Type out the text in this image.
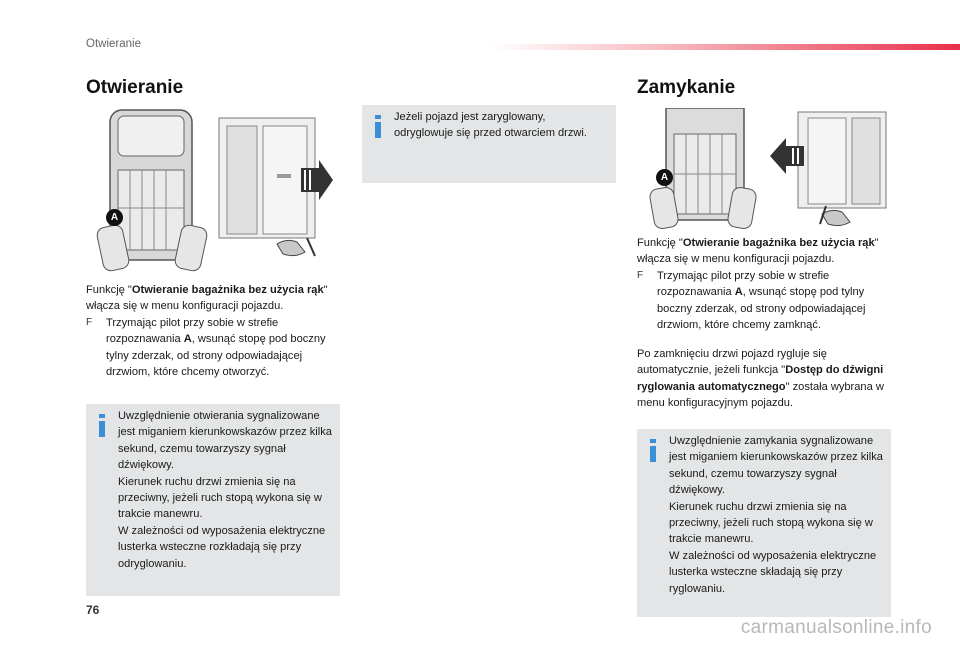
Otwieranie
Otwieranie
A
Funkcję "Otwieranie bagażnika bez użycia rąk" włącza się w menu konfiguracji pojazdu.
F Trzymając pilot przy sobie w strefie rozpoznawania A, wsunąć stopę pod boczny tylny zderzak, od strony odpowiadającej drzwiom, które chcemy otworzyć.
Uwzględnienie otwierania sygnalizowane jest miganiem kierunkowskazów przez kilka sekund, czemu towarzyszy sygnał dźwiękowy.
Kierunek ruchu drzwi zmienia się na przeciwny, jeżeli ruch stopą wykona się w trakcie manewru.
W zależności od wyposażenia elektryczne lusterka wsteczne rozkładają się przy odryglowaniu.
Jeżeli pojazd jest zaryglowany, odryglowuje się przed otwarciem drzwi.
Zamykanie
A
Funkcję "Otwieranie bagażnika bez użycia rąk" włącza się w menu konfiguracji pojazdu.
F Trzymając pilot przy sobie w strefie rozpoznawania A, wsunąć stopę pod tylny boczny zderzak, od strony odpowiadającej drzwiom, które chcemy zamknąć.
Po zamknięciu drzwi pojazd rygluje się automatycznie, jeżeli funkcja "Dostęp do dźwigni ryglowania automatycznego" została wybrana w menu konfiguracyjnym pojazdu.
Uwzględnienie zamykania sygnalizowane jest miganiem kierunkowskazów przez kilka sekund, czemu towarzyszy sygnał dźwiękowy.
Kierunek ruchu drzwi zmienia się na przeciwny, jeżeli ruch stopą wykona się w trakcie manewru.
W zależności od wyposażenia elektryczne lusterka wsteczne składają się przy ryglowaniu.
76
carmanualsonline.info
